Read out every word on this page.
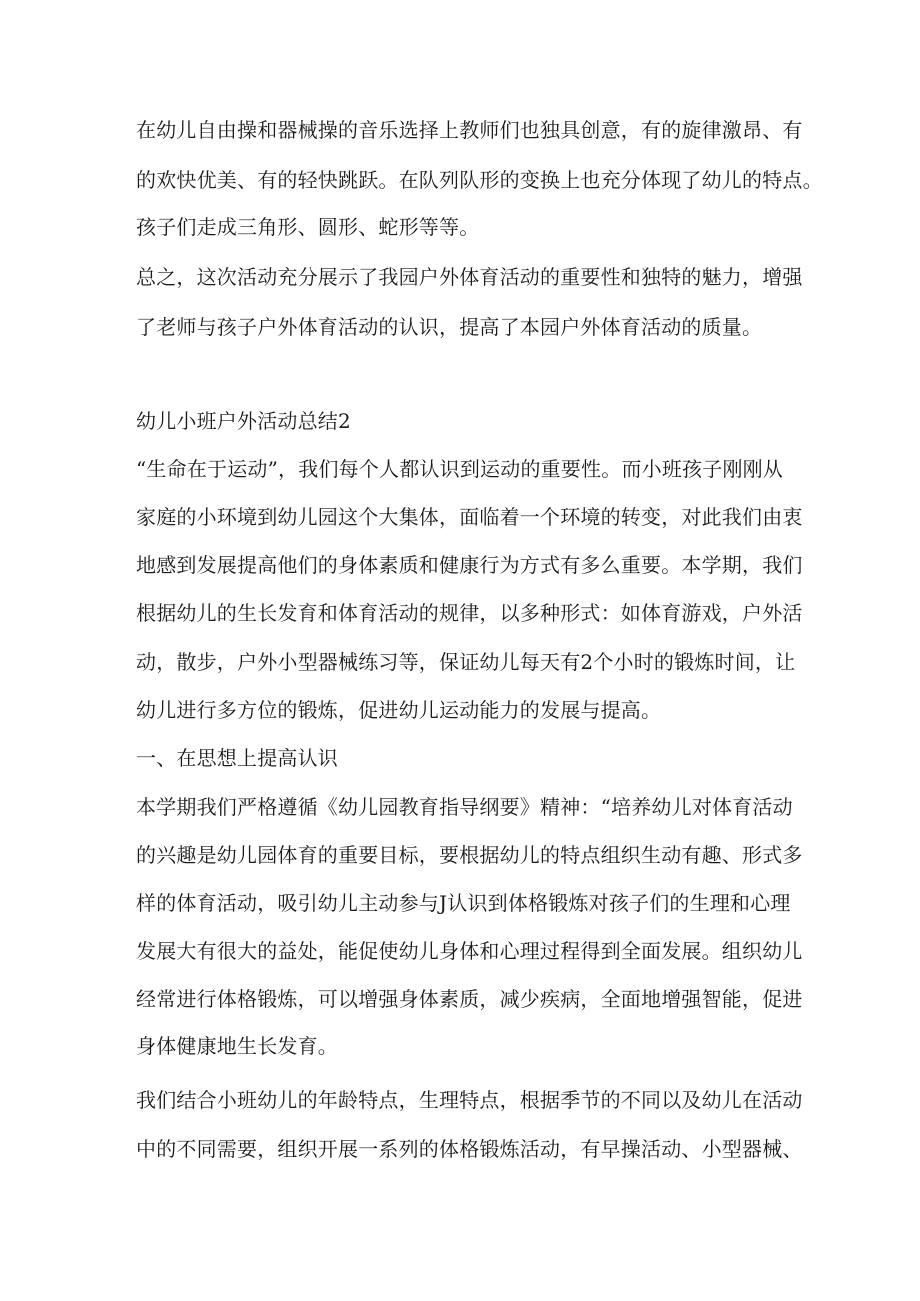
在幼儿自由操和器械操的音乐选择上教师们也独具创意，有的旋律激昂、有
的欢快优美、有的轻快跳跃。在队列队形的变换上也充分体现了幼儿的特点。
孩子们走成三角形、圆形、蛇形等等。
总之，这次活动充分展示了我园户外体育活动的重要性和独特的魅力，增强
了老师与孩子户外体育活动的认识，提高了本园户外体育活动的质量。
幼儿小班户外活动总结2
“生命在于运动”，我们每个人都认识到运动的重要性。而小班孩子刚刚从
家庭的小环境到幼儿园这个大集体，面临着一个环境的转变，对此我们由衷
地感到发展提高他们的身体素质和健康行为方式有多么重要。本学期，我们
根据幼儿的生长发育和体育活动的规律，以多种形式：如体育游戏，户外活
动，散步，户外小型器械练习等，保证幼儿每天有2个小时的锻炼时间，让
幼儿进行多方位的锻炼，促进幼儿运动能力的发展与提高。
一、在思想上提高认识
本学期我们严格遵循《幼儿园教育指导纲要》精神：“培养幼儿对体育活动
的兴趣是幼儿园体育的重要目标，要根据幼儿的特点组织生动有趣、形式多
样的体育活动，吸引幼儿主动参与J认识到体格锻炼对孩子们的生理和心理
发展大有很大的益处，能促使幼儿身体和心理过程得到全面发展。组织幼儿
经常进行体格锻炼，可以增强身体素质，减少疾病，全面地增强智能，促进
身体健康地生长发育。
我们结合小班幼儿的年龄特点，生理特点，根据季节的不同以及幼儿在活动
中的不同需要，组织开展一系列的体格锻炼活动，有早操活动、小型器械、
